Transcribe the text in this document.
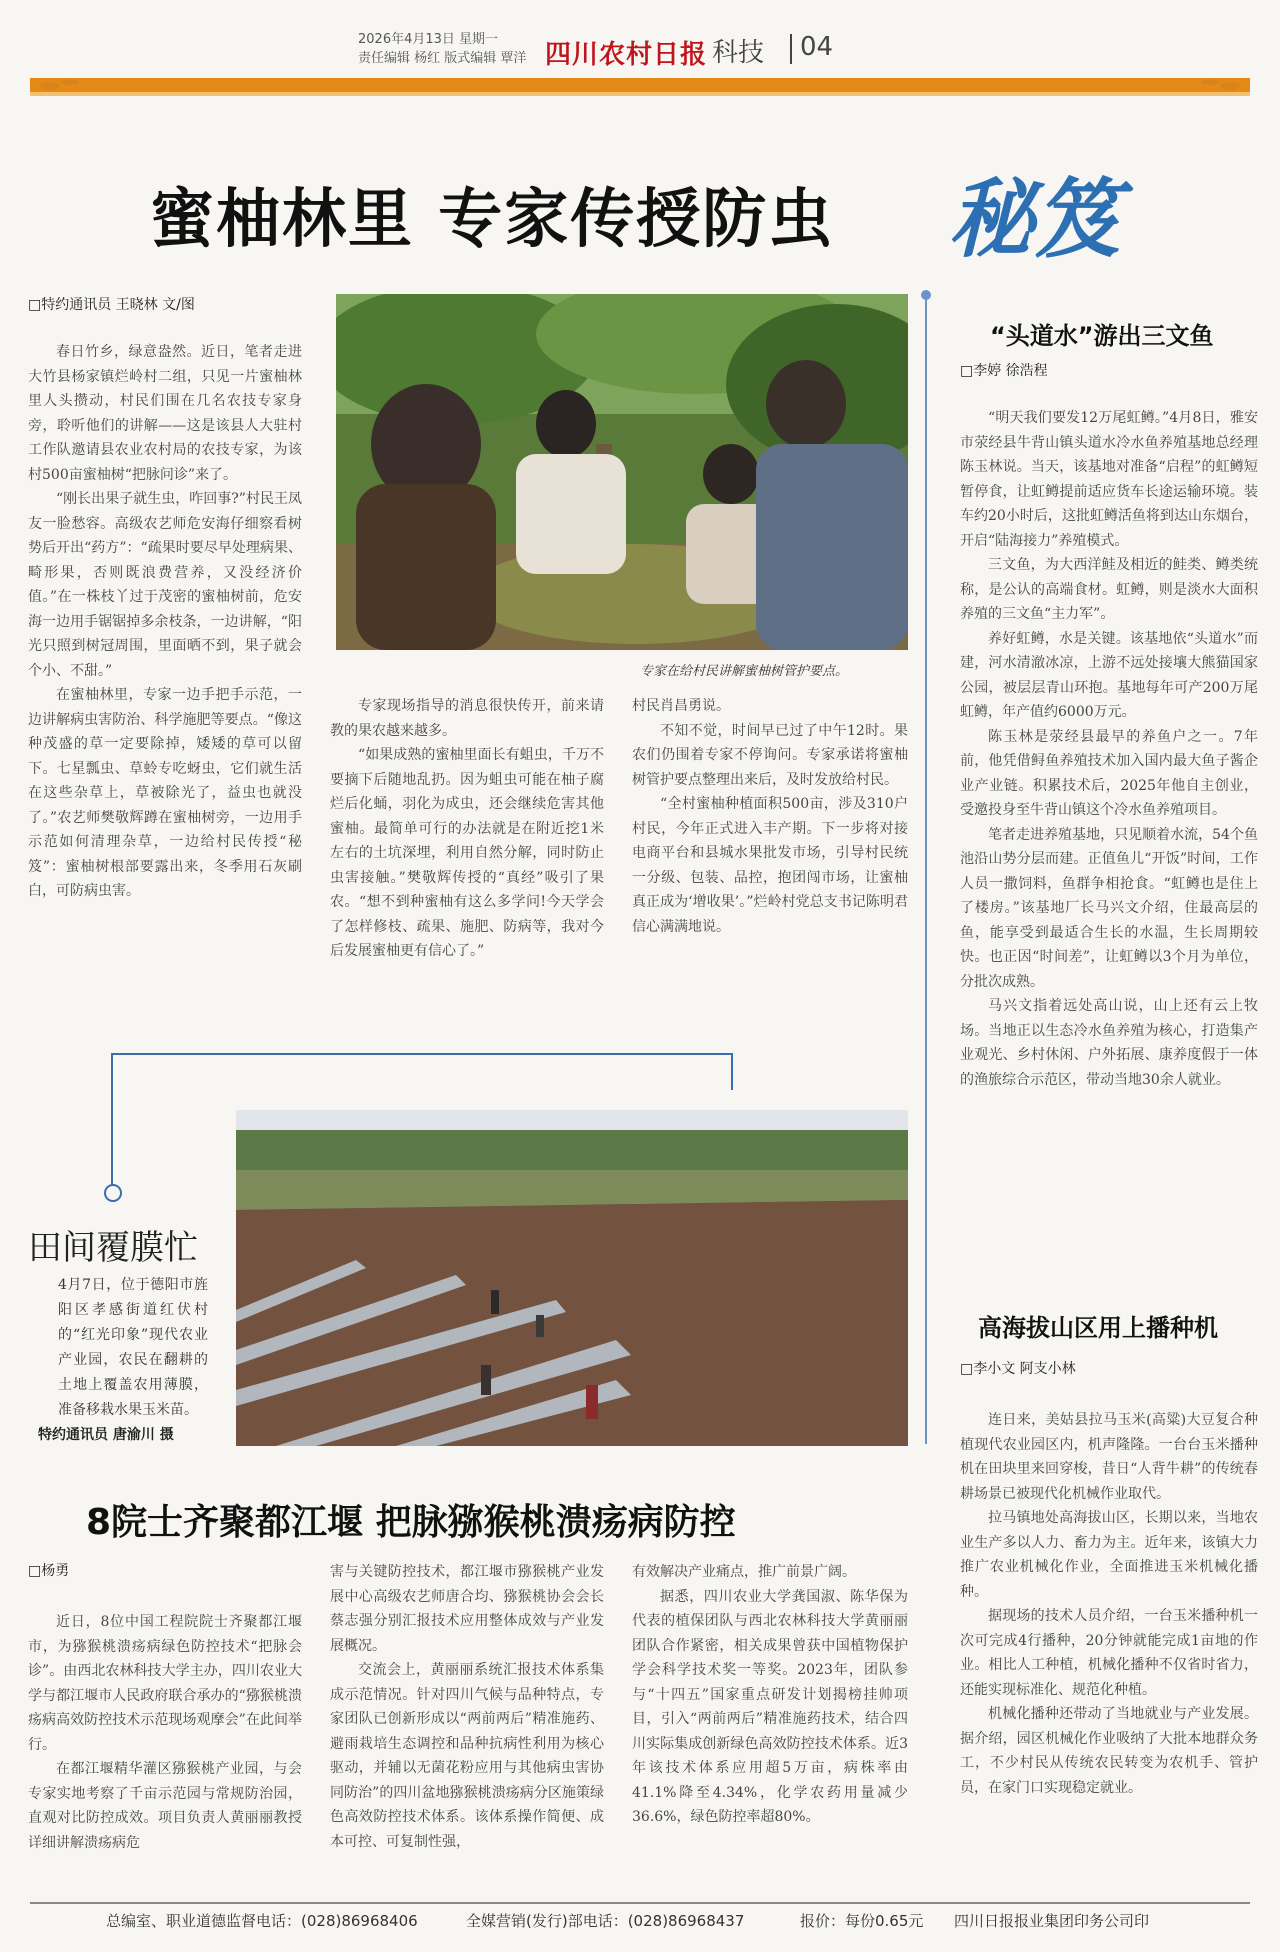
2026年4月13日 星期一
责任编辑 杨红 版式编辑 覃洋 四川农村日报 科技 04
蜜柚林里 专家传授防虫 秘笈
□ 特约通讯员 王晓林 文/图

春日竹乡，绿意盎然。近日，笔者走进大竹县杨家镇烂岭村二组，只见一片蜜柚林里人头攒动，村民们围在几名农技专家身旁，聆听他们的讲解——这是该县人大驻村工作队邀请县农业农村局的农技专家，为该村500亩蜜柚树“把脉问诊”来了。

“刚长出果子就生虫，咋回事?”村民王凤友一脸愁容。高级农艺师危安海仔细察看树势后开出“药方”：“疏果时要尽早处理病果、畸形果，否则既浪费营养，又没经济价值。”在一株枝丫过于茂密的蜜柚树前，危安海一边用手锯锯掉多余枝条，一边讲解，“阳光只照到树冠周围，里面晒不到，果子就会个小、不甜。”

在蜜柚林里，专家一边手把手示范，一边讲解病虫害防治、科学施肥等要点。“像这种茂盛的草一定要除掉，矮矮的草可以留下。七星瓢虫、草蛉专吃蚜虫，它们就生活在这些杂草上，草被除光了，益虫也就没了。”农艺师樊敬辉蹲在蜜柚树旁，一边用手示范如何清理杂草，一边给村民传授“秘笈”：蜜柚树根部要露出来，冬季用石灰刷白，可防病虫害。

专家在给村民讲解蜜柚树管护要点。

专家现场指导的消息很快传开，前来请教的果农越来越多。

“如果成熟的蜜柚里面长有蛆虫，千万不要摘下后随地乱扔。因为蛆虫可能在柚子腐烂后化蛹，羽化为成虫，还会继续危害其他蜜柚。最简单可行的办法就是在附近挖1米左右的土坑深埋，利用自然分解，同时防止虫害接触。”樊敬辉传授的“真经”吸引了果农。“想不到种蜜柚有这么多学问!今天学会了怎样修枝、疏果、施肥、防病等，我对今后发展蜜柚更有信心了。”

村民肖昌勇说。

不知不觉，时间早已过了中午12时。果农们仍围着专家不停询问。专家承诺将蜜柚树管护要点整理出来后，及时发放给村民。

“全村蜜柚种植面积500亩，涉及310户村民，今年正式进入丰产期。下一步将对接电商平台和县城水果批发市场，引导村民统一分级、包装、品控，抱团闯市场，让蜜柚真正成为‘增收果’。”烂岭村党总支书记陈明君信心满满地说。

“头道水”游出三文鱼
□ 李婷 徐浩程

“明天我们要发12万尾虹鳟。”4月8日，雅安市荥经县牛背山镇头道水冷水鱼养殖基地总经理陈玉林说。当天，该基地对准备“启程”的虹鳟短暂停食，让虹鳟提前适应货车长途运输环境。装车约20小时后，这批虹鳟活鱼将到达山东烟台，开启“陆海接力”养殖模式。

三文鱼，为大西洋鲑及相近的鲑类、鳟类统称，是公认的高端食材。虹鳟，则是淡水大面积养殖的三文鱼“主力军”。

养好虹鳟，水是关键。该基地依“头道水”而建，河水清澈冰凉，上游不远处接壤大熊猫国家公园，被层层青山环抱。基地每年可产200万尾虹鳟，年产值约6000万元。

陈玉林是荥经县最早的养鱼户之一。7年前，他凭借鲟鱼养殖技术加入国内最大鱼子酱企业产业链。积累技术后，2025年他自主创业，受邀投身至牛背山镇这个冷水鱼养殖项目。

笔者走进养殖基地，只见顺着水流，54个鱼池沿山势分层而建。正值鱼儿“开饭”时间，工作人员一撒饲料，鱼群争相抢食。“虹鳟也是住上了楼房。”该基地厂长马兴文介绍，住最高层的鱼，能享受到最适合生长的水温，生长周期较快。也正因“时间差”，让虹鳟以3个月为单位，分批次成熟。

马兴文指着远处高山说，山上还有云上牧场。当地正以生态冷水鱼养殖为核心，打造集产业观光、乡村休闲、户外拓展、康养度假于一体的渔旅综合示范区，带动当地30余人就业。

高海拔山区用上播种机
□ 李小文 阿支小林

连日来，美姑县拉马玉米(高粱)大豆复合种植现代农业园区内，机声隆隆。一台台玉米播种机在田块里来回穿梭，昔日“人背牛耕”的传统春耕场景已被现代化机械作业取代。

拉马镇地处高海拔山区，长期以来，当地农业生产多以人力、畜力为主。近年来，该镇大力推广农业机械化作业，全面推进玉米机械化播种。

据现场的技术人员介绍，一台玉米播种机一次可完成4行播种，20分钟就能完成1亩地的作业。相比人工种植，机械化播种不仅省时省力，还能实现标准化、规范化种植。

机械化播种还带动了当地就业与产业发展。据介绍，园区机械化作业吸纳了大批本地群众务工，不少村民从传统农民转变为农机手、管护员，在家门口实现稳定就业。

田间覆膜忙
4月7日，位于德阳市旌阳区孝感街道红伏村的“红光印象”现代农业产业园，农民在翻耕的土地上覆盖农用薄膜，准备移栽水果玉米苗。
特约通讯员 唐渝川 摄
8院士齐聚都江堰 把脉猕猴桃溃疡病防控
□ 杨勇

近日，8位中国工程院院士齐聚都江堰市，为猕猴桃溃疡病绿色防控技术“把脉会诊”。由西北农林科技大学主办，四川农业大学与都江堰市人民政府联合承办的“猕猴桃溃疡病高效防控技术示范现场观摩会”在此间举行。

在都江堰精华灌区猕猴桃产业园，与会专家实地考察了千亩示范园与常规防治园，直观对比防控成效。项目负责人黄丽丽教授详细讲解溃疡病危

害与关键防控技术，都江堰市猕猴桃产业发展中心高级农艺师唐合均、猕猴桃协会会长蔡志强分别汇报技术应用整体成效与产业发展概况。

交流会上，黄丽丽系统汇报技术体系集成示范情况。针对四川气候与品种特点，专家团队已创新形成以“两前两后”精准施药、避雨栽培生态调控和品种抗病性利用为核心驱动，并辅以无菌花粉应用与其他病虫害协同防治”的四川盆地猕猴桃溃疡病分区施策绿色高效防控技术体系。该体系操作简便、成本可控、可复制性强，

有效解决产业痛点，推广前景广阔。

据悉，四川农业大学龚国淑、陈华保为代表的植保团队与西北农林科技大学黄丽丽团队合作紧密，相关成果曾获中国植物保护学会科学技术奖一等奖。2023年，团队参与“十四五”国家重点研发计划揭榜挂帅项目，引入“两前两后”精准施药技术，结合四川实际集成创新绿色高效防控技术体系。近3年该技术体系应用超5万亩，病株率由41.1%降至4.34%，化学农药用量减少36.6%，绿色防控率超80%。

总编室、职业道德监督电话：(028)86968406	全媒营销(发行)部电话：(028)86968437	报价：每份0.65元 四川日报报业集团印务公司印
